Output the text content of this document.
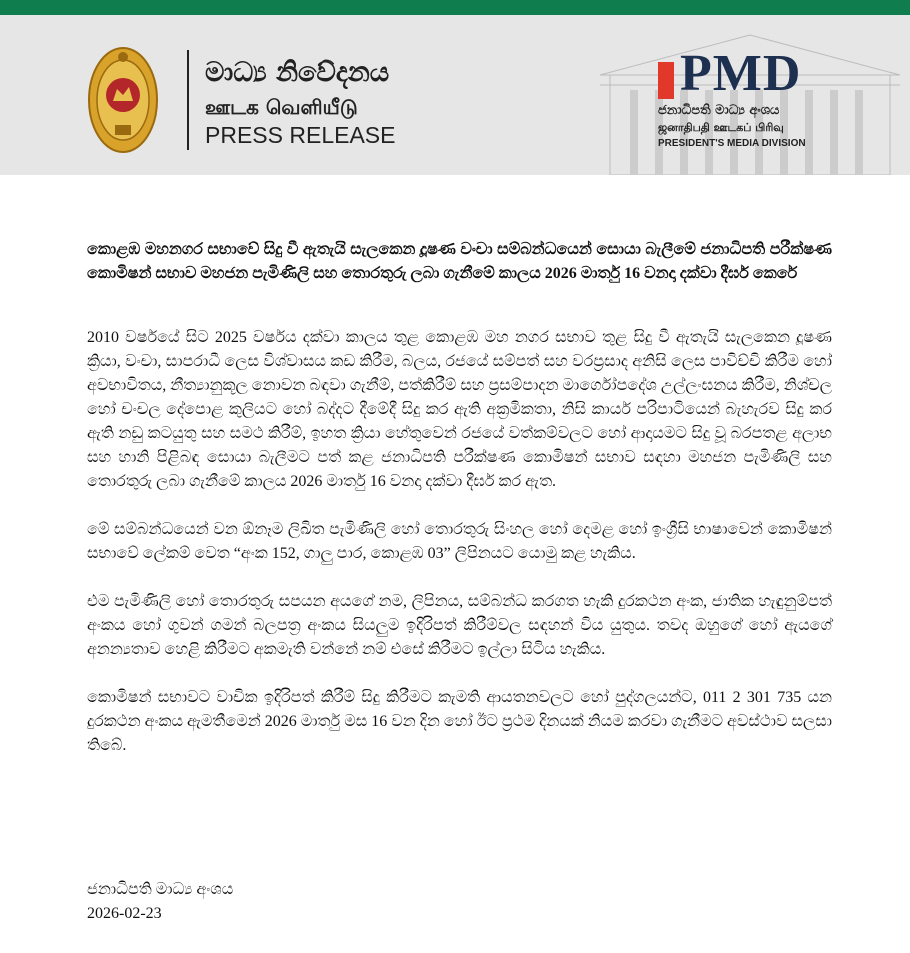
මාධ්‍ය නිවේදනය
ஊடக வெளியீடு
PRESS RELEASE
PMD
ජනාධිපති මාධ්‍ය අංශය
ஜனாதிபதி ஊடகப் பிரிவு
PRESIDENT'S MEDIA DIVISION

කොළඹ මහනගර සභාවේ සිදු වී ඇතැයි සැලකෙන දූෂණ වංචා සම්බන්ධයෙන් සොයා බැලීමේ ජනාධිපති පරීක්ෂණ කොමිෂන් සභාව මහජන පැමිණිලි සහ තොරතුරු ලබා ගැනීමේ කාලය 2026 මාර්තු 16 වනදා දක්වා දීර්ඝ කෙරේ

2010 වර්ෂයේ සිට 2025 වර්ෂය දක්වා කාලය තුළ කොළඹ මහ නගර සභාව තුළ සිදු වී ඇතැයි සැලකෙන දූෂණ ක්‍රියා, වංචා, සාපරාධී ලෙස විශ්වාසය කඩ කිරීම, බලය, රජයේ සම්පත් සහ වරප්‍රසාද අනිසි ලෙස පාවිච්චි කිරීම හෝ අවභාවිතය, නීත්‍යානුකූල නොවන බඳවා ගැනීම්, පත්කිරීම් සහ ප්‍රසම්පාදන මාර්ගෝපදේශ උල්ලංඝනය කිරීම, නිශ්චල හෝ චංචල දේපොළ කුලියට හෝ බද්දට දීමේදී සිදු කර ඇති අක්‍රමිකතා, නිසි කාර්ය පරිපාටියෙන් බැහැරව සිදු කර ඇති නඩු කටයුතු සහ සමථ කිරීම්, ඉහත ක්‍රියා හේතුවෙන් රජයේ වත්කම්වලට හෝ ආදායමට සිදු වූ බරපතළ අලාභ සහ හානි පිළිබඳ සොයා බැලීමට පත් කළ ජනාධිපති පරීක්ෂණ කොමිෂන් සභාව සඳහා මහජන පැමිණිලි සහ තොරතුරු ලබා ගැනීමේ කාලය 2026 මාර්තු 16 වනදා දක්වා දීර්ඝ කර ඇත.

මේ සම්බන්ධයෙන් වන ඕනෑම ලිඛිත පැමිණිලි හෝ තොරතුරු සිංහල හෝ දෙමළ හෝ ඉංග්‍රීසි භාෂාවෙන් කොමිෂන් සභාවේ ලේකම් වෙත “අංක 152, ගාලු පාර, කොළඹ 03” ලිපිනයට යොමු කළ හැකිය.

එම පැමිණිලි හෝ තොරතුරු සපයන අයගේ නම, ලිපිනය, සම්බන්ධ කරගත හැකි දුරකථන අංක, ජාතික හැඳුනුම්පත් අංකය හෝ ගුවන් ගමන් බලපත්‍ර අංකය සියලුම ඉදිරිපත් කිරීම්වල සඳහන් විය යුතුය. තවද ඔහුගේ හෝ ඇයගේ අනන්‍යතාව හෙළි කිරීමට අකමැති වන්නේ නම් එසේ කිරීමට ඉල්ලා සිටිය හැකිය.

කොමිෂන් සභාවට වාචික ඉදිරිපත් කිරීම් සිදු කිරීමට කැමති ආයතනවලට හෝ පුද්ගලයන්ට, 011 2 301 735 යන දුරකථන අංකය ඇමතීමෙන් 2026 මාර්තු මස 16 වන දින හෝ ඊට ප්‍රථම දිනයක් නියම කරවා ගැනීමට අවස්ථාව සලසා තිබේ.

ජනාධිපති මාධ්‍ය අංශය
2026-02-23
